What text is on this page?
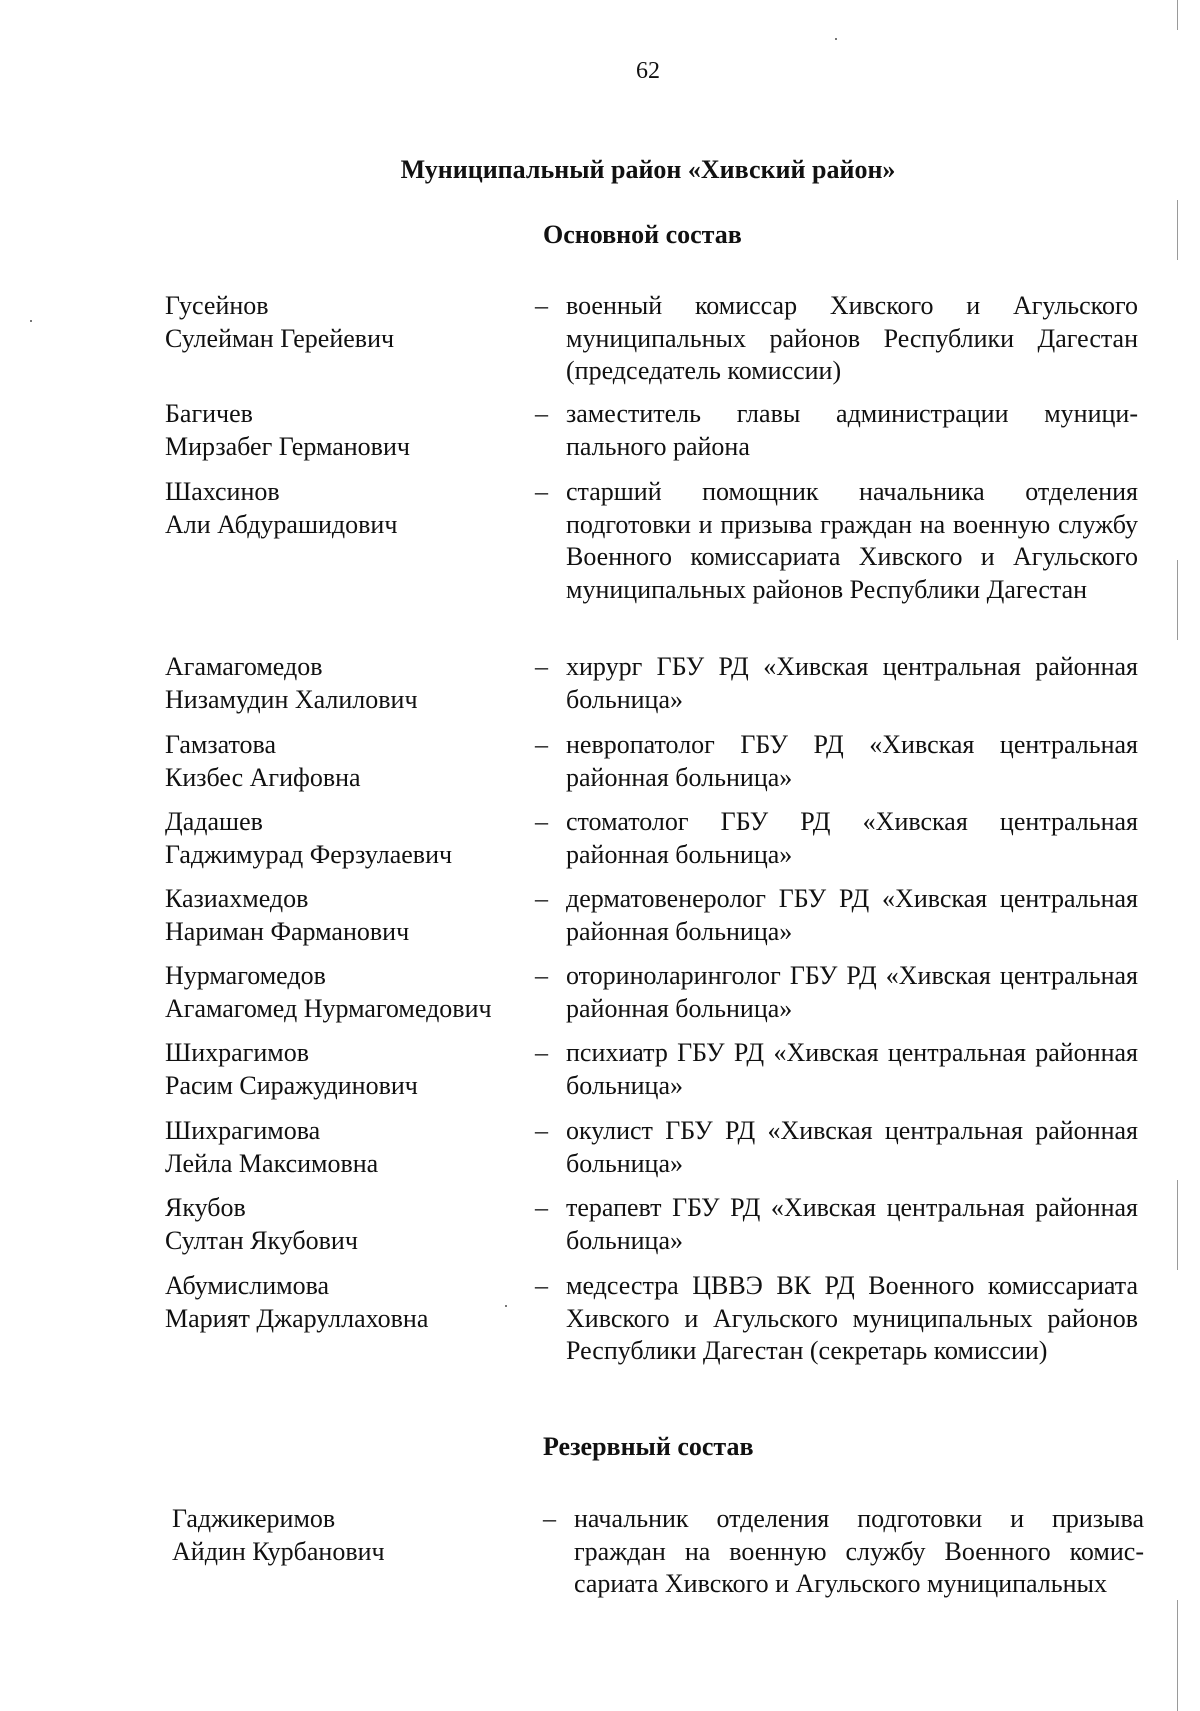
62
Муниципальный район «Хивский район»
Основной состав
Гусейнов
Сулейман Герейевич
– военный комиссар Хивского и Агульского муниципальных районов Республики Дагестан (председатель комиссии)
Багичев
Мирзабег Германович
– заместитель главы администрации муниципального района
Шахсинов
Али Абдурашидович
– старший помощник начальника отделения подготовки и призыва граждан на военную службу Военного комиссариата Хивского и Агульского муниципальных районов Республики Дагестан
Агамагомедов
Низамудин Халилович
– хирург ГБУ РД «Хивская центральная районная больница»
Гамзатова
Кизбес Агифовна
– невропатолог ГБУ РД «Хивская центральная районная больница»
Дадашев
Гаджимурад Ферзулаевич
– стоматолог ГБУ РД «Хивская центральная районная больница»
Казиахмедов
Нариман Фарманович
– дерматовенеролог ГБУ РД «Хивская центральная районная больница»
Нурмагомедов
Агамагомед Нурмагомедович
– оториноларинголог ГБУ РД «Хивская центральная районная больница»
Шихрагимов
Расим Сиражудинович
– психиатр ГБУ РД «Хивская центральная районная больница»
Шихрагимова
Лейла Максимовна
– окулист ГБУ РД «Хивская центральная районная больница»
Якубов
Султан Якубович
– терапевт ГБУ РД «Хивская центральная районная больница»
Абумислимова
Марият Джаруллаховна
– медсестра ЦВВЭ ВК РД Военного комиссариата Хивского и Агульского муниципальных районов Республики Дагестан (секретарь комиссии)
Резервный состав
Гаджикеримов
Айдин Курбанович
– начальник отделения подготовки и призыва граждан на военную службу Военного комиссариата Хивского и Агульского муниципальных
